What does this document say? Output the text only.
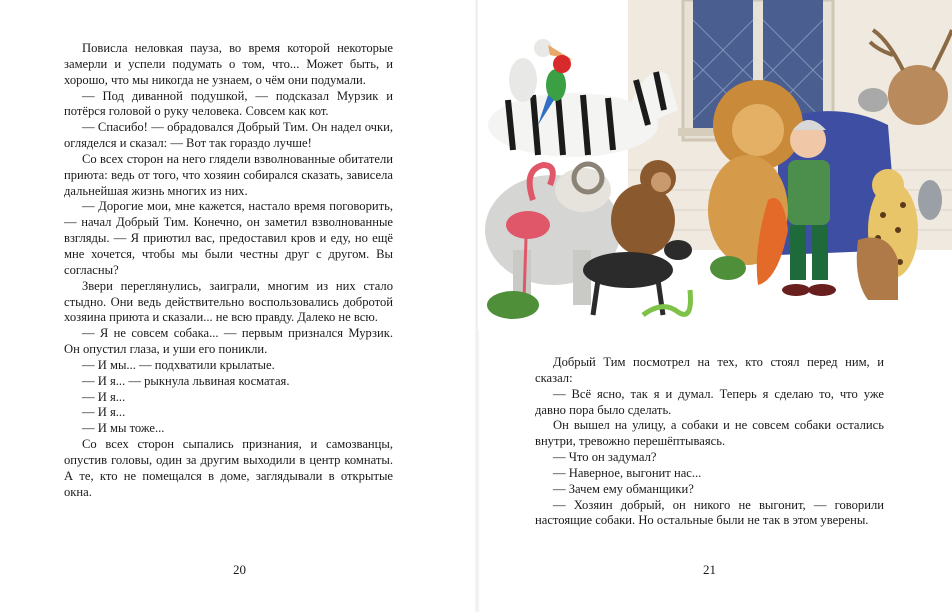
Повисла неловкая пауза, во время которой некоторые замерли и успели подумать о том, что... Может быть, и хорошо, что мы никогда не узнаем, о чём они подумали.

— Под диванной подушкой, — подсказал Мурзик и потёрся головой о руку человека. Совсем как кот.

— Спасибо! — обрадовался Добрый Тим. Он надел очки, огляделся и сказал: — Вот так гораздо лучше!

Со всех сторон на него глядели взволнованные обитатели приюта: ведь от того, что хозяин собирался сказать, зависела дальнейшая жизнь многих из них.

— Дорогие мои, мне кажется, настало время поговорить, — начал Добрый Тим. Конечно, он заметил взволнованные взгляды. — Я приютил вас, предоставил кров и еду, но ещё мне хочется, чтобы мы были честны друг с другом. Вы согласны?

Звери переглянулись, заиграли, многим из них стало стыдно. Они ведь действительно воспользовались добротой хозяина приюта и сказали... не всю правду. Далеко не всю.

— Я не совсем собака... — первым признался Мурзик. Он опустил глаза, и уши его поникли.

— И мы... — подхватили крылатые.

— И я... — рыкнула львиная косматая.

— И я...

— И я...

— И мы тоже...

Со всех сторон сыпались признания, и самозванцы, опустив головы, один за другим выходили в центр комнаты. А те, кто не помещался в доме, заглядывали в открытые окна.

20

Добрый Тим посмотрел на тех, кто стоял перед ним, и сказал:

— Всё ясно, так я и думал. Теперь я сделаю то, что уже давно пора было сделать.

Он вышел на улицу, а собаки и не совсем собаки остались внутри, тревожно перешёптываясь.

— Что он задумал?

— Наверное, выгонит нас...

— Зачем ему обманщики?

— Хозяин добрый, он никого не выгонит, — говорили настоящие собаки. Но остальные были не так в этом уверены.

21
